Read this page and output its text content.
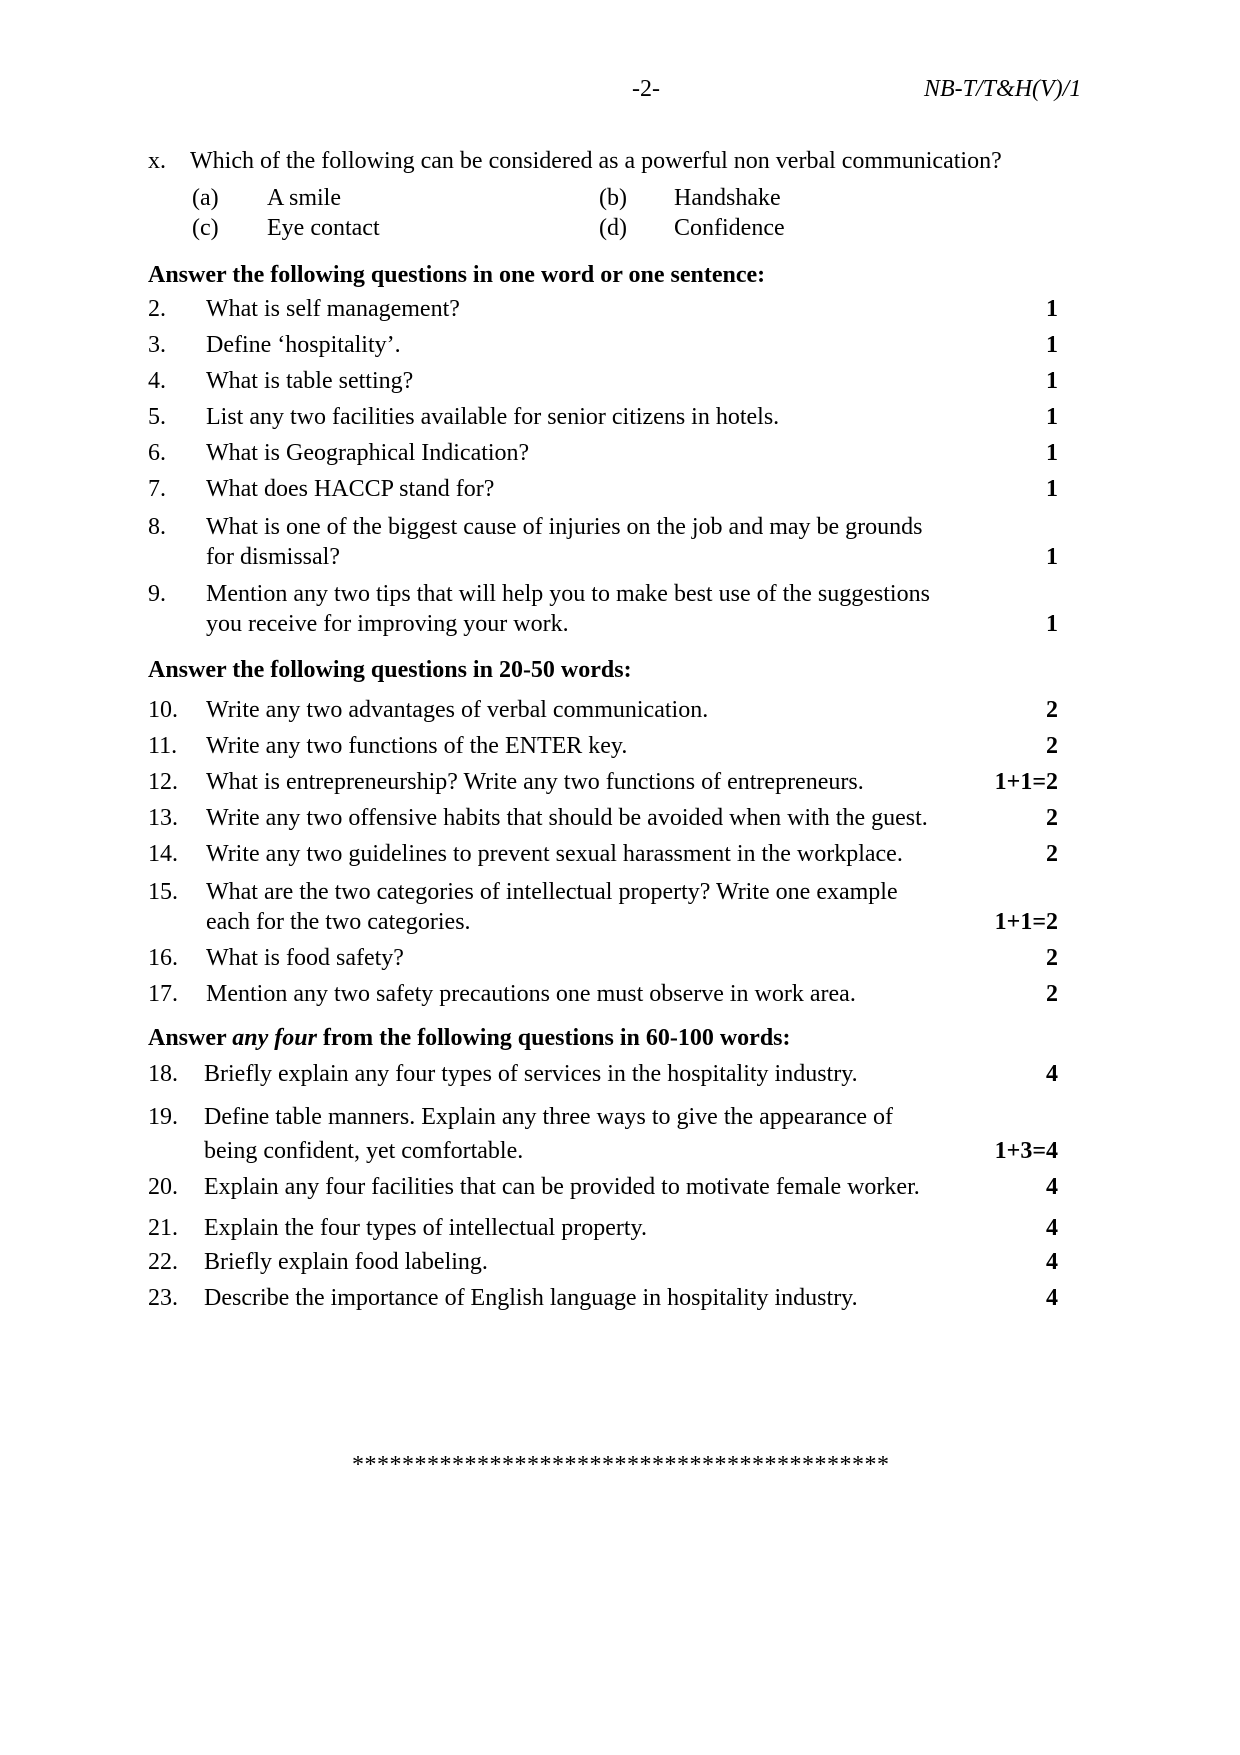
-2-	NB-T/T&H(V)/1
x. Which of the following can be considered as a powerful non verbal communication?
(a)	A smile	(b)	Handshake
(c)	Eye contact	(d)	Confidence
Answer the following questions in one word or one sentence:
2.	What is self management?	1
3.	Define ‘hospitality’.	1
4.	What is table setting?	1
5.	List any two facilities available for senior citizens in hotels.	1
6.	What is Geographical Indication?	1
7.	What does HACCP stand for?	1
8.	What is one of the biggest cause of injuries on the job and may be grounds
for dismissal?	1
9.	Mention any two tips that will help you to make best use of the suggestions
you receive for improving your work.	1
Answer the following questions in 20-50 words:
10.	Write any two advantages of verbal communication.	2
11.	Write any two functions of the ENTER key.	2
12.	What is entrepreneurship? Write any two functions of entrepreneurs.	1+1=2
13.	Write any two offensive habits that should be avoided when with the guest.	2
14.	Write any two guidelines to prevent sexual harassment in the workplace.	2
15.	What are the two categories of intellectual property? Write one example
each for the two categories.	1+1=2
16.	What is food safety?	2
17.	Mention any two safety precautions one must observe in work area.	2
Answer any four from the following questions in 60-100 words:
18.	Briefly explain any four types of services in the hospitality industry.	4
19.	Define table manners. Explain any three ways to give the appearance of
being confident, yet comfortable.	1+3=4
20.	Explain any four facilities that can be provided to motivate female worker.	4
21.	Explain the four types of intellectual property.	4
22.	Briefly explain food labeling.	4
23.	Describe the importance of English language in hospitality industry.	4
*******************************************
